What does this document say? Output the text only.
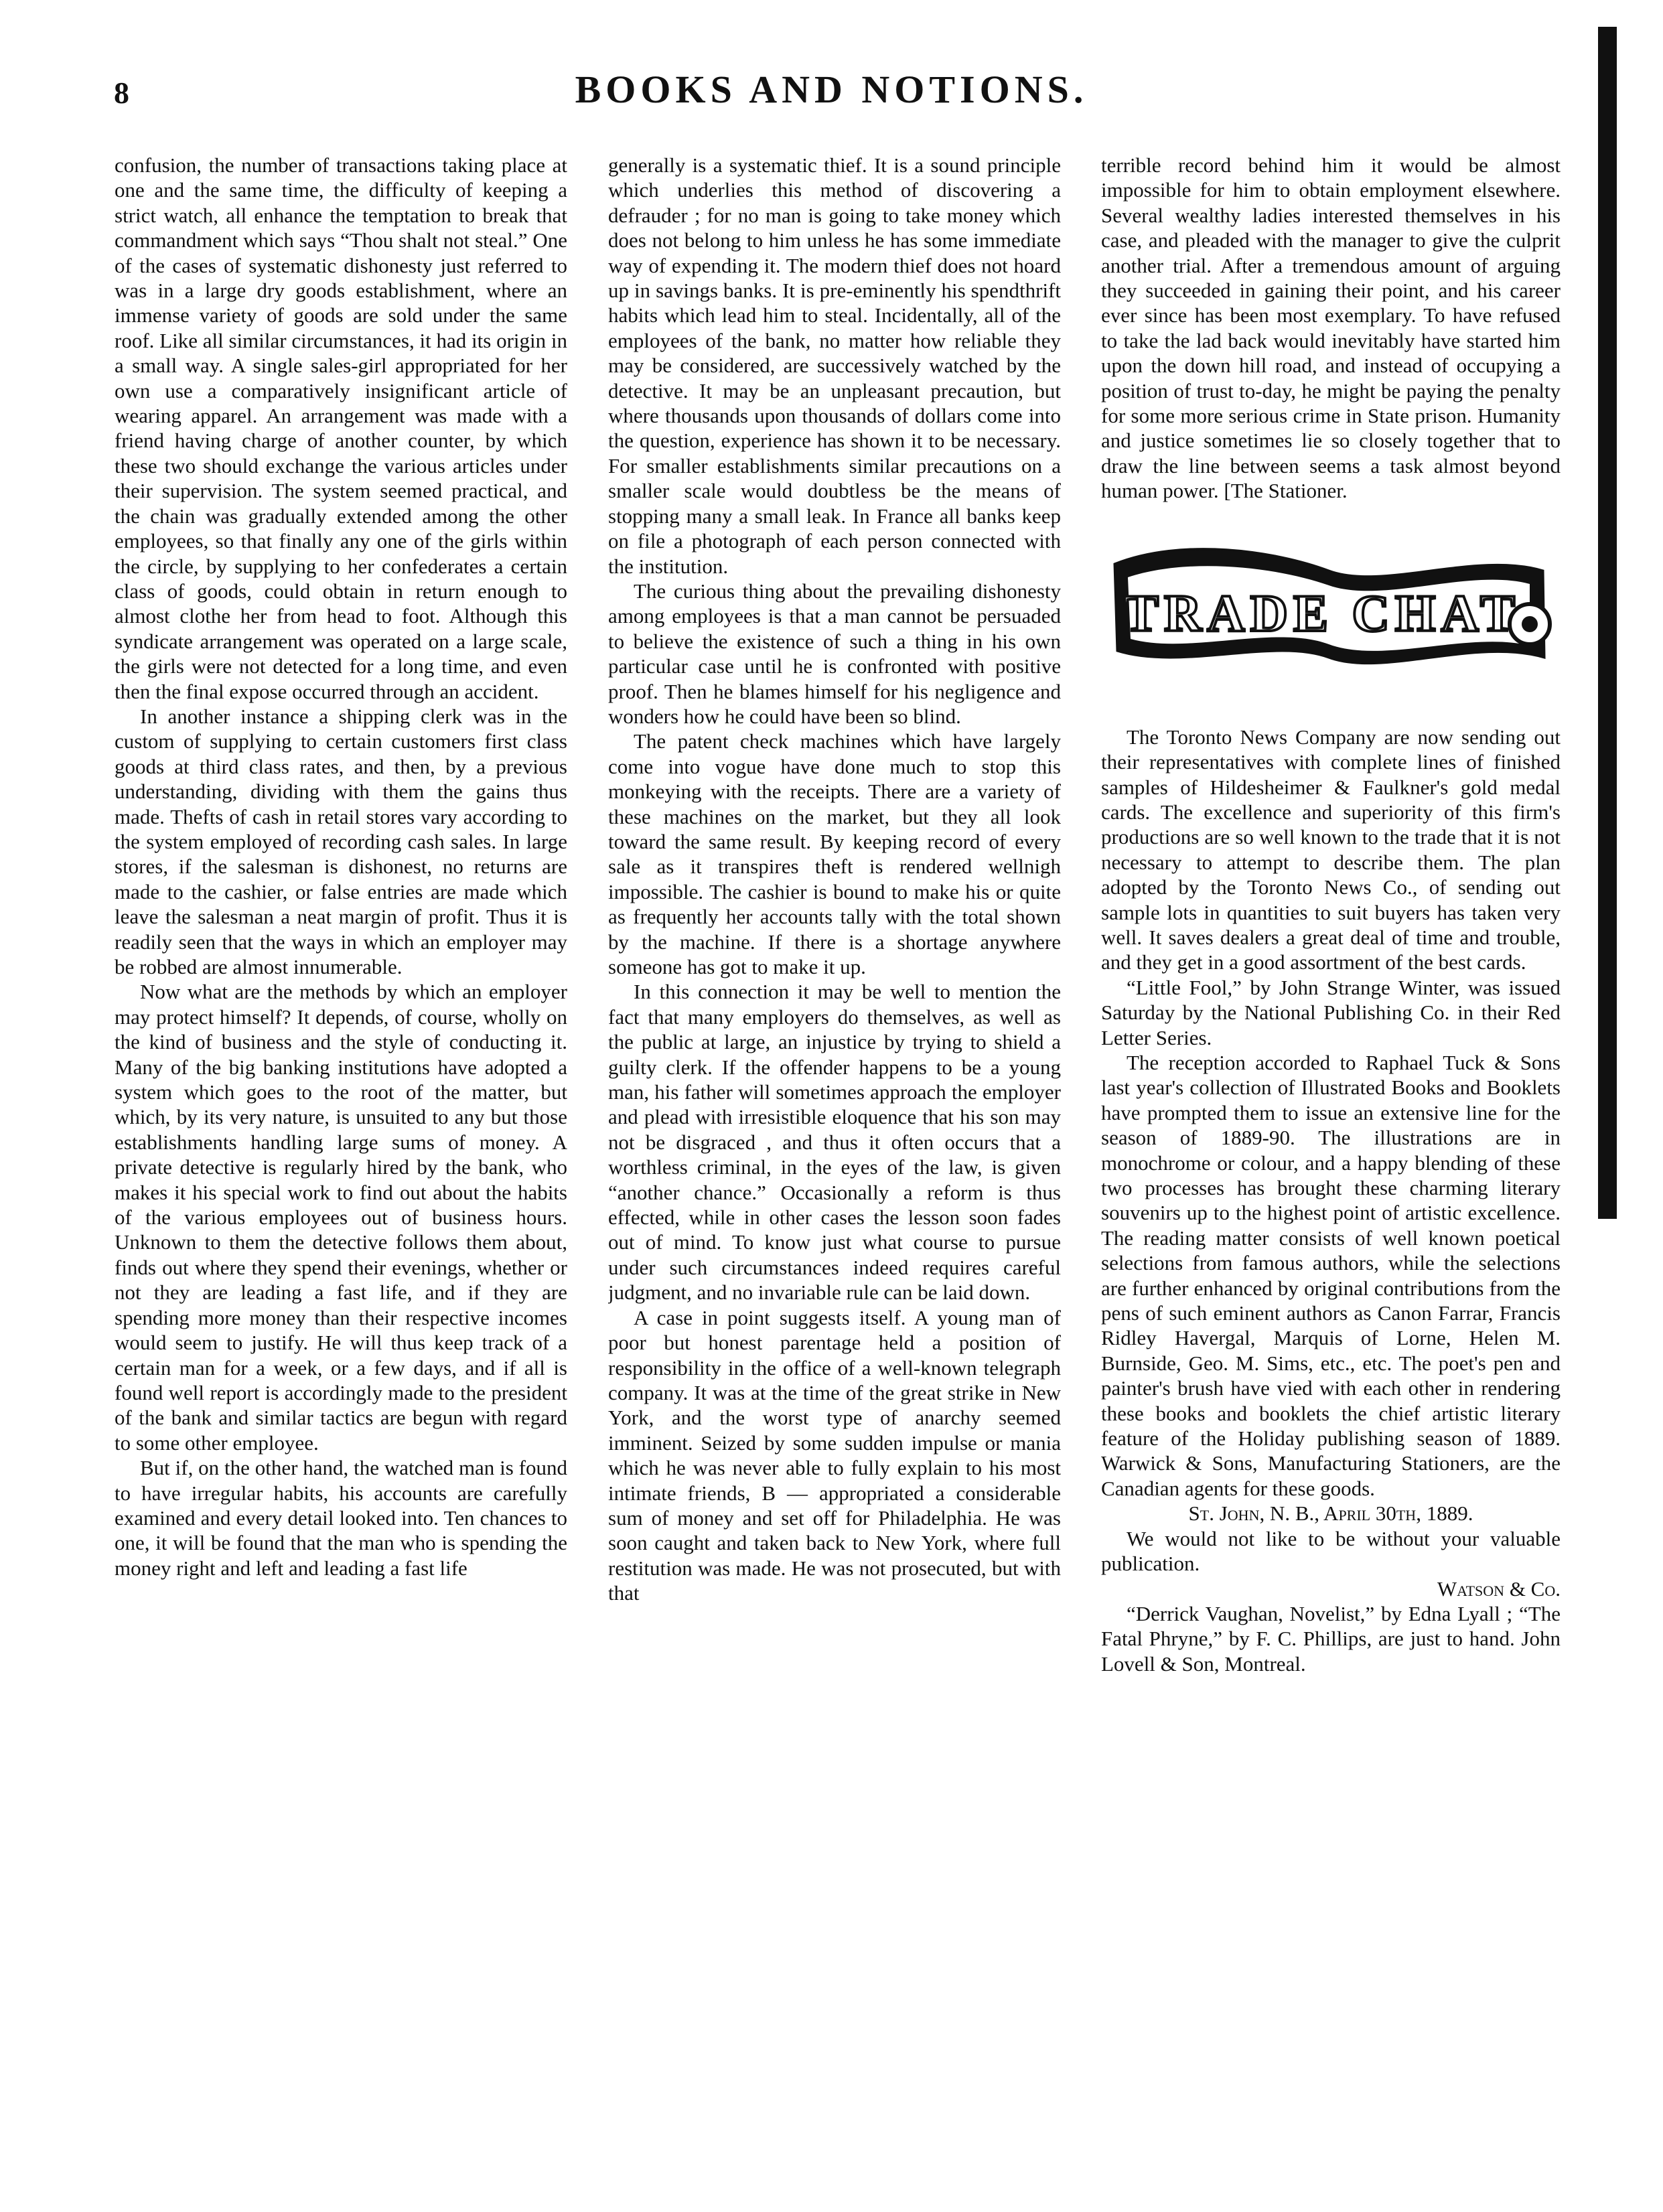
8	BOOKS AND NOTIONS.

confusion, the number of transactions taking place at one and the same time, the difficulty of keeping a strict watch, all enhance the temptation to break that commandment which says “Thou shalt not steal.” One of the cases of systematic dishonesty just referred to was in a large dry goods establishment, where an immense variety of goods are sold under the same roof. Like all similar circumstances, it had its origin in a small way. A single sales-girl appropriated for her own use a comparatively insignificant article of wearing apparel. An arrangement was made with a friend having charge of another counter, by which these two should exchange the various articles under their supervision. The system seemed practical, and the chain was gradually extended among the other employees, so that finally any one of the girls within the circle, by supplying to her confederates a certain class of goods, could obtain in return enough to almost clothe her from head to foot. Although this syndicate arrangement was operated on a large scale, the girls were not detected for a long time, and even then the final expose occurred through an accident.

In another instance a shipping clerk was in the custom of supplying to certain customers first class goods at third class rates, and then, by a previous understanding, dividing with them the gains thus made. Thefts of cash in retail stores vary according to the system employed of recording cash sales. In large stores, if the salesman is dishonest, no returns are made to the cashier, or false entries are made which leave the salesman a neat margin of profit. Thus it is readily seen that the ways in which an employer may be robbed are almost innumerable.

Now what are the methods by which an employer may protect himself? It depends, of course, wholly on the kind of business and the style of conducting it. Many of the big banking institutions have adopted a system which goes to the root of the matter, but which, by its very nature, is unsuited to any but those establishments handling large sums of money. A private detective is regularly hired by the bank, who makes it his special work to find out about the habits of the various employees out of business hours. Unknown to them the detective follows them about, finds out where they spend their evenings, whether or not they are leading a fast life, and if they are spending more money than their respective incomes would seem to justify. He will thus keep track of a certain man for a week, or a few days, and if all is found well report is accordingly made to the president of the bank and similar tactics are begun with regard to some other employee.

But if, on the other hand, the watched man is found to have irregular habits, his accounts are carefully examined and every detail looked into. Ten chances to one, it will be found that the man who is spending the money right and left and leading a fast life

generally is a systematic thief. It is a sound principle which underlies this method of discovering a defrauder ; for no man is going to take money which does not belong to him unless he has some immediate way of expending it. The modern thief does not hoard up in savings banks. It is pre-eminently his spendthrift habits which lead him to steal. Incidentally, all of the employees of the bank, no matter how reliable they may be considered, are successively watched by the detective. It may be an unpleasant precaution, but where thousands upon thousands of dollars come into the question, experience has shown it to be necessary. For smaller establishments similar precautions on a smaller scale would doubtless be the means of stopping many a small leak. In France all banks keep on file a photograph of each person connected with the institution.

The curious thing about the prevailing dishonesty among employees is that a man cannot be persuaded to believe the existence of such a thing in his own particular case until he is confronted with positive proof. Then he blames himself for his negligence and wonders how he could have been so blind.

The patent check machines which have largely come into vogue have done much to stop this monkeying with the receipts. There are a variety of these machines on the market, but they all look toward the same result. By keeping record of every sale as it transpires theft is rendered wellnigh impossible. The cashier is bound to make his or quite as frequently her accounts tally with the total shown by the machine. If there is a shortage anywhere someone has got to make it up.

In this connection it may be well to mention the fact that many employers do themselves, as well as the public at large, an injustice by trying to shield a guilty clerk. If the offender happens to be a young man, his father will sometimes approach the employer and plead with irresistible eloquence that his son may not be disgraced , and thus it often occurs that a worthless criminal, in the eyes of the law, is given “another chance.” Occasionally a reform is thus effected, while in other cases the lesson soon fades out of mind. To know just what course to pursue under such circumstances indeed requires careful judgment, and no invariable rule can be laid down.

A case in point suggests itself. A young man of poor but honest parentage held a position of responsibility in the office of a well-known telegraph company. It was at the time of the great strike in New York, and the worst type of anarchy seemed imminent. Seized by some sudden impulse or mania which he was never able to fully explain to his most intimate friends, B — appropriated a considerable sum of money and set off for Philadelphia. He was soon caught and taken back to New York, where full restitution was made. He was not prosecuted, but with that

terrible record behind him it would be almost impossible for him to obtain employment elsewhere. Several wealthy ladies interested themselves in his case, and pleaded with the manager to give the culprit another trial. After a tremendous amount of arguing they succeeded in gaining their point, and his career ever since has been most exemplary. To have refused to take the lad back would inevitably have started him upon the down hill road, and instead of occupying a position of trust to-day, he might be paying the penalty for some more serious crime in State prison. Humanity and justice sometimes lie so closely together that to draw the line between seems a task almost beyond human power. [The Stationer.

TRADE CHAT

The Toronto News Company are now sending out their representatives with complete lines of finished samples of Hildesheimer & Faulkner's gold medal cards. The excellence and superiority of this firm's productions are so well known to the trade that it is not necessary to attempt to describe them. The plan adopted by the Toronto News Co., of sending out sample lots in quantities to suit buyers has taken very well. It saves dealers a great deal of time and trouble, and they get in a good assortment of the best cards.

“Little Fool,” by John Strange Winter, was issued Saturday by the National Publishing Co. in their Red Letter Series.

The reception accorded to Raphael Tuck & Sons last year's collection of Illustrated Books and Booklets have prompted them to issue an extensive line for the season of 1889-90. The illustrations are in monochrome or colour, and a happy blending of these two processes has brought these charming literary souvenirs up to the highest point of artistic excellence. The reading matter consists of well known poetical selections from famous authors, while the selections are further enhanced by original contributions from the pens of such eminent authors as Canon Farrar, Francis Ridley Havergal, Marquis of Lorne, Helen M. Burnside, Geo. M. Sims, etc., etc. The poet's pen and painter's brush have vied with each other in rendering these books and booklets the chief artistic literary feature of the Holiday publishing season of 1889. Warwick & Sons, Manufacturing Stationers, are the Canadian agents for these goods.

St. John, N. B., April 30th, 1889.

We would not like to be without your valuable publication.

Watson & Co.

“Derrick Vaughan, Novelist,” by Edna Lyall ; “The Fatal Phryne,” by F. C. Phillips, are just to hand. John Lovell & Son, Montreal.
